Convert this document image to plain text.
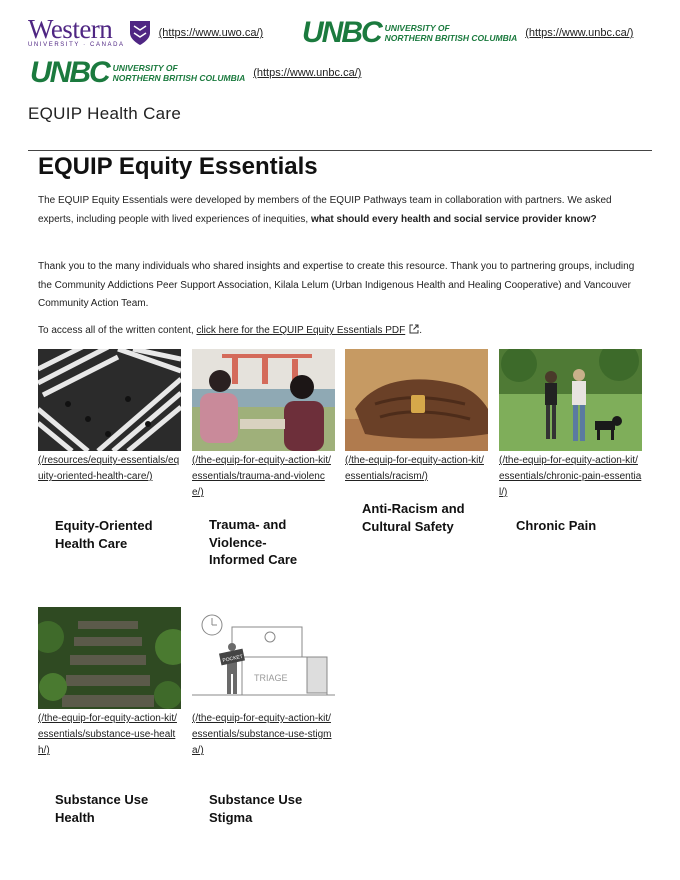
Western
UNIVERSITY · CANADA
(https://www.uwo.ca/) UNBC UNIVERSITY OF
NORTHERN BRITISH COLUMBIA (https://www.unbc.ca/)
UNBC UNIVERSITY OF
NORTHERN BRITISH COLUMBIA (https://www.unbc.ca/)
EQUIP Health Care
EQUIP Equity Essentials

The EQUIP Equity Essentials were developed by members of the EQUIP Pathways team in collaboration with partners. We asked experts, including people with lived experiences of inequities, what should every health and social service provider know?

Thank you to the many individuals who shared insights and expertise to create this resource. Thank you to partnering groups, including the Community Addictions Peer Support Association, Kilala Lelum (Urban Indigenous Health and Healing Cooperative) and Vancouver Community Action Team.

To access all of the written content, click here for the EQUIP Equity Essentials PDF .

(/resources/equity-essentials/equity-oriented-health-care/)
Equity-Oriented Health Care
(/the-equip-for-equity-action-kit/essentials/trauma-and-violence/)
Trauma- and Violence-Informed Care
(/the-equip-for-equity-action-kit/essentials/racism/)
Anti-Racism and Cultural Safety
(/the-equip-for-equity-action-kit/essentials/chronic-pain-essential/)
Chronic Pain
(/the-equip-for-equity-action-kit/essentials/substance-use-health/)
Substance Use Health
TRIAGE
POCKET
(/the-equip-for-equity-action-kit/essentials/substance-use-stigma/)
Substance Use Stigma
